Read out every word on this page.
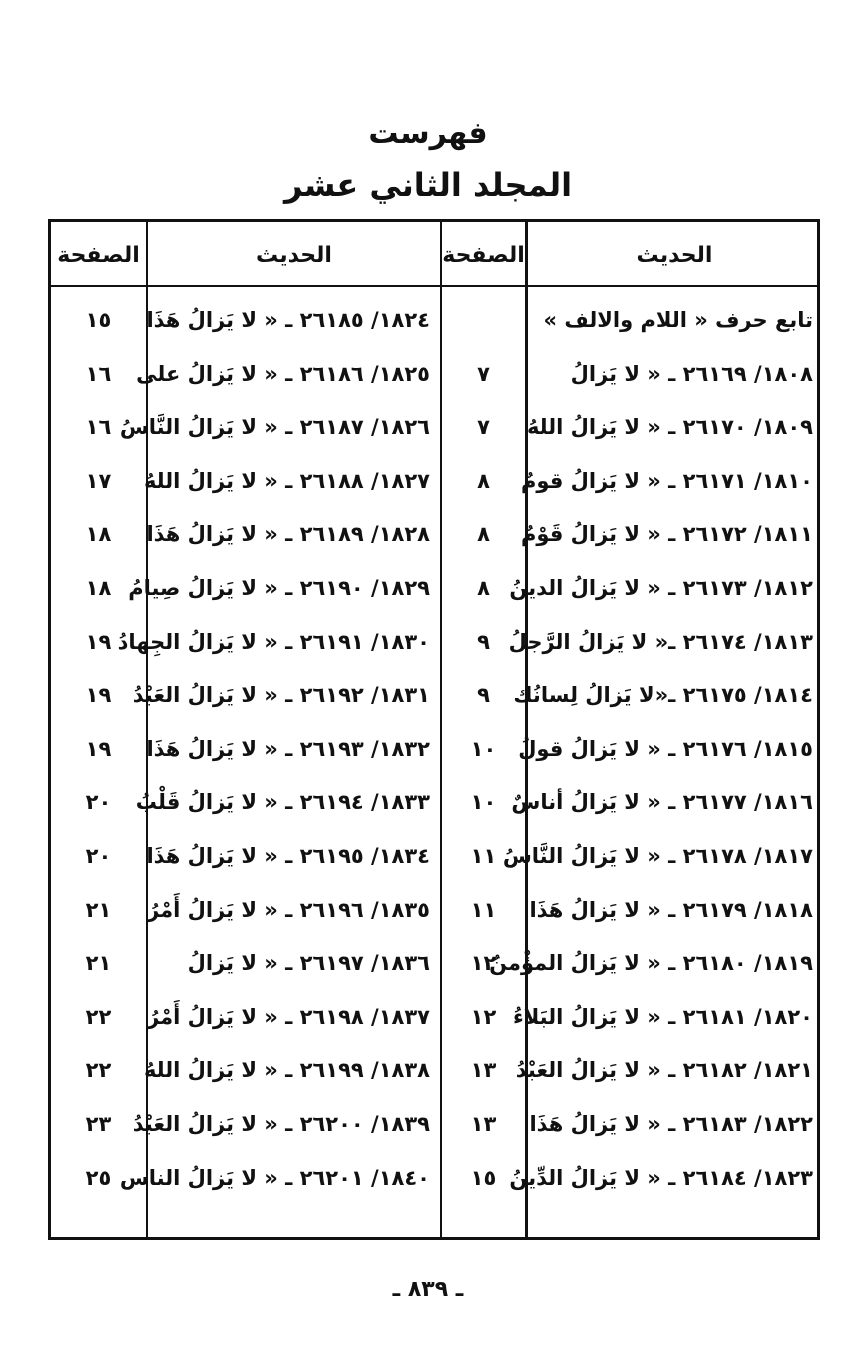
فهرست
المجلد الثاني عشر
الحديث
الصفحة
الحديث
الصفحة
تابع حرف « اللام والالف »
١٨٠٨/ ٢٦١٦٩ ـ « لا يَزالُ
٧
١٨٠٩/ ٢٦١٧٠ ـ « لا يَزالُ اللهُ
٧
١٨١٠/ ٢٦١٧١ ـ « لا يَزالُ قومٌ
٨
١٨١١/ ٢٦١٧٢ ـ « لا يَزالُ قَوْمٌ
٨
١٨١٢/ ٢٦١٧٣ ـ « لا يَزالُ الدينُ
٨
١٨١٣/ ٢٦١٧٤ ـ« لا يَزالُ الرَّجلُ
٩
١٨١٤/ ٢٦١٧٥ ـ«لا يَزالُ لِسانُك
٩
١٨١٥/ ٢٦١٧٦ ـ « لا يَزالُ قولُ
١٠
١٨١٦/ ٢٦١٧٧ ـ « لا يَزالُ أناسٌ
١٠
١٨١٧/ ٢٦١٧٨ ـ « لا يَزالُ النَّاسُ
١١
١٨١٨/ ٢٦١٧٩ ـ « لا يَزالُ هَذَا
١١
١٨١٩/ ٢٦١٨٠ ـ « لا يَزالُ المؤْمنُ
١٢
١٨٢٠/ ٢٦١٨١ ـ « لا يَزالُ البَلاءُ
١٢
١٨٢١/ ٢٦١٨٢ ـ « لا يَزالُ العَبْدُ
١٣
١٨٢٢/ ٢٦١٨٣ ـ « لا يَزالُ هَذَا
١٣
١٨٢٣/ ٢٦١٨٤ ـ « لا يَزالُ الدِّينُ
١٥
١٨٢٤/ ٢٦١٨٥ ـ « لا يَزالُ هَذَا
١٥
١٨٢٥/ ٢٦١٨٦ ـ « لا يَزالُ على
١٦
١٨٢٦/ ٢٦١٨٧ ـ « لا يَزالُ النَّاسُ
١٦
١٨٢٧/ ٢٦١٨٨ ـ « لا يَزالُ اللهُ
١٧
١٨٢٨/ ٢٦١٨٩ ـ « لا يَزالُ هَذَا
١٨
١٨٢٩/ ٢٦١٩٠ ـ « لا يَزالُ صِيامُ
١٨
١٨٣٠/ ٢٦١٩١ ـ « لا يَزالُ الجِهادُ
١٩
١٨٣١/ ٢٦١٩٢ ـ « لا يَزالُ العَبْدُ
١٩
١٨٣٢/ ٢٦١٩٣ ـ « لا يَزالُ هَذَا
١٩
١٨٣٣/ ٢٦١٩٤ ـ « لا يَزالُ قَلْبُ
٢٠
١٨٣٤/ ٢٦١٩٥ ـ « لا يَزالُ هَذَا
٢٠
١٨٣٥/ ٢٦١٩٦ ـ « لا يَزالُ أَمْرُ
٢١
١٨٣٦/ ٢٦١٩٧ ـ « لا يَزالُ
٢١
١٨٣٧/ ٢٦١٩٨ ـ « لا يَزالُ أَمْرُ
٢٢
١٨٣٨/ ٢٦١٩٩ ـ « لا يَزالُ اللهُ
٢٢
١٨٣٩/ ٢٦٢٠٠ ـ « لا يَزالُ العَبْدُ
٢٣
١٨٤٠/ ٢٦٢٠١ ـ « لا يَزالُ الناس
٢٥
ـ ٨٣٩ ـ
